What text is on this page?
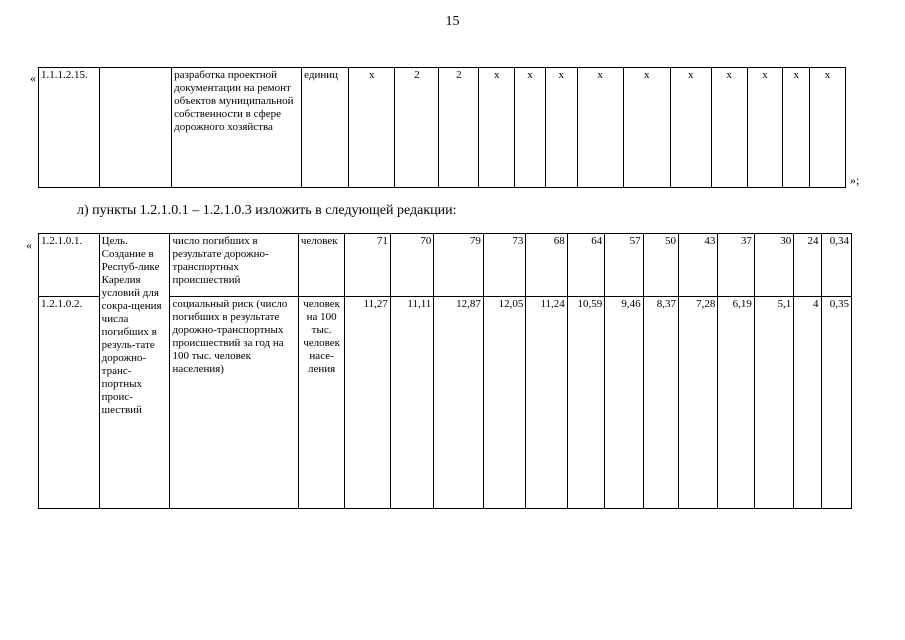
15
« 1.1.1.2.15.		разработка проектной документации на ремонт объектов муниципальной собственности в сфере дорожного хозяйства	единиц	х	2	2	х	х	х	х	х	х	х	х	х	х
»;
л) пункты 1.2.1.0.1 – 1.2.1.0.3 изложить в следующей редакции:
« 1.2.1.0.1.	Цель. Создание в Респуб-лике Карелия условий для сокра-щения числа погибших в резуль-тате дорожно-транс-портных проис-шествий	число погибших в результате дорожно-транспортных происшествий	человек	71	70	79	73	68	64	57	50	43	37	30	24	0,34
1.2.1.0.2.		социальный риск (число погибших в результате дорожно-транспортных происшествий за год на 100 тыс. человек населения)	человек на 100 тыс. человек насе-ления	11,27	11,11	12,87	12,05	11,24	10,59	9,46	8,37	7,28	6,19	5,1	4	0,35
